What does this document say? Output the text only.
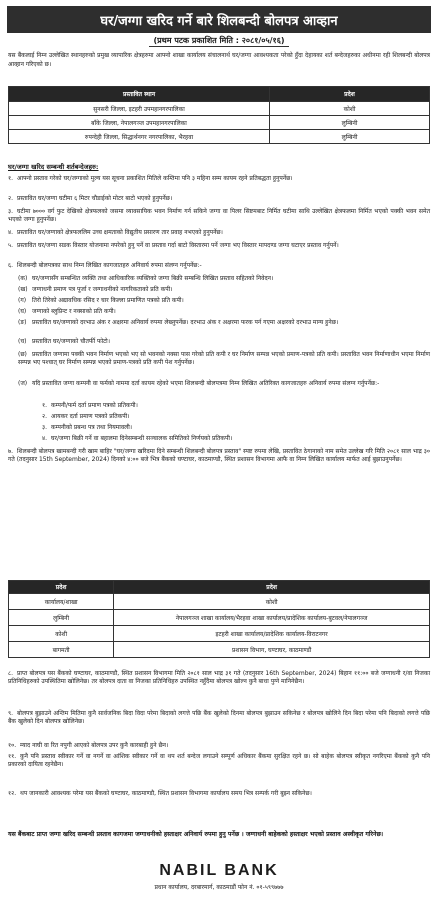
घर/जग्गा खरिद गर्ने बारे शिलबन्दी बोलपत्र आव्हान
(प्रथम पटक प्रकाशित मिति : २०८१/०५/१६)

यस बैंकलाई निम्न उल्लेखित स्थानहरुको प्रमुख व्यापारिक क्षेत्रहरुमा आफ्नो शाखा कार्यालय संचालनार्थ घर/जग्गा आवश्यकता परेको हुँदा देहायका शर्त बन्देजहरुका अधीनमा रही शिलबन्दी बोलपत्र आव्हान गरिएको छ।

प्रस्तावित स्थान	प्रदेश
सुनसरी जिल्ला, इटहरी उपमहानगरपालिका	कोशी
बाँके जिल्ला, नेपालगञ्ज उपमहानगरपालिका	लुम्बिनी
रुपन्देही जिल्ला, सिद्धार्थनगर नगरपालिका, भैरहवा	लुम्बिनी
घर/जग्गा खरिद सम्बन्धी शर्तबन्देजहरु:
१. आफ्नो प्रस्ताव गरेको घर/जग्गाको मुल्य यस सूचना प्रकाशित मितिले कम्तिमा पनि ३ महिना सम्म कायम रहने प्रतिबद्धता हुनुपर्नेछ।
२. प्रस्तावित घर/जग्गा घटीमा ६ मिटर चौडाईको मोटर बाटो भएको हुनुपर्नेछ।
३. घटीमा ७००० वर्ग फुट देखिको क्षेत्रफलको जसमा व्यावसायिक भवन निर्माण गर्न सकिने जग्गा वा पिलर सिष्टमबाट निर्मित घटीमा साथि उल्लेखित क्षेत्रफलमा निर्मित भएको पक्की भवन समेत भएको जग्गा हुनुपर्नेछ।
४. प्रस्तावित घर/जग्गाको क्षेत्रफललिम उच्च क्षमताको विद्युतीय प्रसारण तार प्रवाह नभएको हुनुपर्नेछ।
५. प्रस्तावित घर/जग्गा सडक विस्तार योजनामा नपरेको हुनु पर्ने वा प्रस्ताव गर्दा बाटो विस्तारमा पर्ने जग्गा भए विस्तार मापदण्ड जग्गा घटाएर प्रस्ताव गर्नुपर्ने।
६. शिलबन्दी बोलपत्रका साथ निम्न लिखित कागजातहरु अनिवार्य रुपमा संलग्न गर्नुपर्नेछ:-
(क) घर/जग्गासँग सम्बन्धित व्यक्ति तथा आधिकारिक व्यक्तिको जग्गा बिक्री सम्बन्धि लिखित प्रस्ताव सहितको निवेदन।
(ख) जग्गाधनी प्रमाण पत्र पूर्जा र जग्गाधनीको नागरिकताको प्रति कपी।
(ग) तिरो तिरेको अद्यावधिक रसिद र चार किल्ला प्रमाणित पत्रको प्रति कपी।
(घ) जग्गाको ब्लुप्रिन्ट र नक्साको प्रति कपी।
(ङ) प्रस्तावित घर/जग्गाको दरभाउ अंक र अक्षरमा अनिवार्य रुपमा लेख्नुपर्नेछ। दरभाउ अंक र अक्षरमा फरक पर्न गएमा अक्षरको दरभाउ मान्य हुनेछ।
(च) प्रस्तावित घर/जग्गाको चौतर्फी फोटो।
(छ) प्रस्तावित जग्गामा पक्की भवन निर्माण भएको भए सो भवनको नक्सा पास गरेको प्रति कपी र घर निर्माण सम्पन्न भएको प्रमाण-पत्रको प्रति कपी। प्रस्तावित भवन निर्माणाधीन भएमा निर्माण सम्पन्न भए पश्चात् घर निर्माण सम्पन्न भएको प्रमाण-पत्रको प्रति कपी पेश गर्नुपर्नेछ।
(ज) यदि प्रस्तावित जग्गा कम्पनी वा फर्मको नाममा दर्ता कायम रहेको भएमा शिलबन्दी बोलपत्रमा निम्न लिखित अतिरिक्त कागजातहरु अनिवार्य रुपमा संलग्न गर्नुपर्नेछ:-
१. कम्पनी/फर्म दर्ता प्रमाण पत्रको प्रतिकपी।
२. आयकर दर्ता प्रमाण पत्रको प्रतिकपी।
३. कम्पनीको प्रबन्ध पत्र तथा नियमावली।
४. घर/जग्गा बिक्री गर्ने वा बहालमा दिनेसम्बन्धी सञ्चालक समितिको निर्णयको प्रतिकपी।
७. शिलबन्दी बोलपत्र खामबन्दी गरी खाम बाहिर "घर/जग्गा खरिदमा दिने सम्बन्धी शिलबन्दी बोलपत्र प्रस्ताव" स्पष्ट रुपमा लेखि, प्रस्तावित ठेगानाको नाम समेत उल्लेख गरि मिति २०८१ साल भाद्र ३० गते (तदनुसार 15th September, 2024) दिनको ४:०० बजे भित्र बैंकको घण्टाघर, काठमाण्डौ, स्थित प्रशासन विभागमा आफै वा निम्न लिखित कार्यालय मार्फत आई बुझाउनुपर्नेछ।
प्रदेश	प्रदेश
कार्यालय/शाखा	कोशी
लुम्बिनी	नेपालगञ्ज शाखा कार्यालय/भैरहवा शाखा कार्यालय/प्रादेशिक कार्यालय-बुटवल/नेपालगञ्ज
कोशी	इटहरी शाखा कार्यालय/प्रादेशिक कार्यालय-विराटनगर
बागमती	प्रशासन विभाग, घण्टाघर, काठमाण्डौं
८. प्राप्त बोलपत्र यस बैंकको घण्टाघर, काठमाण्डौ, स्थित प्रशासन विभागमा मिति २०८१ साल भाद्र ३१ गते (तदनुसार 16th September, 2024) बिहान ११:०० बजे जग्गाधनी र/वा निजका प्रतिनिधिहरुको उपस्थितिमा खोलिनेछ। तर बोलपत्र दाता वा निजका प्रतिनिधिहरु उपस्थित नहुँदैमा बोलपत्र खोल्न कुनै बाधा पुग्ने मानिनेछैन।
९. बोलपत्र बुझाउने अन्तिम मितिमा कुनै सार्वजनिक बिदा विदा परेमा बिदाको लगत्ते पछि बैंक खुलेको दिनमा बोलपत्र बुझाउन सकिनेछ र बोलपत्र खोलिने दिन बिदा परेमा पनि बिदाको लगत्ते पछि बैंक खुलेको दिन बोलपत्र खोलिनेछ।
१०. म्याद नाघी वा रित नपुगी आएको बोलपत्र उपर कुनै कारबाही हुने छैन।
११. कुनै पनि प्रस्ताव स्वीकार गर्ने वा नगर्ने वा आंशिक स्वीकार गर्ने वा थप शर्त बन्देज लगाउने सम्पूर्ण अधिकार बैंकमा सुरक्षित रहने छ। सो बाहेक बोलपत्र स्वीकृत नगरिएमा बैंकको कुनै पनि प्रकारको दायित्व रहनेछैन।
१२. थप जानकारी आवश्यक परेमा यस बैंकको घण्टाघर, काठमाण्डौ, स्थित प्रशासन विभागमा कार्यालय समय भित्र सम्पर्क गरी बुझ्न सकिनेछ।
यस बैंकबाट प्राप्त जग्गा खरिद सम्बन्धी प्रस्ताव कागजमा जग्गाधनीको हस्ताक्षर अनिवार्य रुपमा हुनु पर्नेछ । जग्गाधनी बाहेकको हस्ताक्षर भएको प्रस्ताव अस्वीकृत गरिनेछ।
NABIL BANK
प्रधान कार्यालय, दरबारमार्ग, काठमाडौं फोन नं. ०१-५९९७७७
